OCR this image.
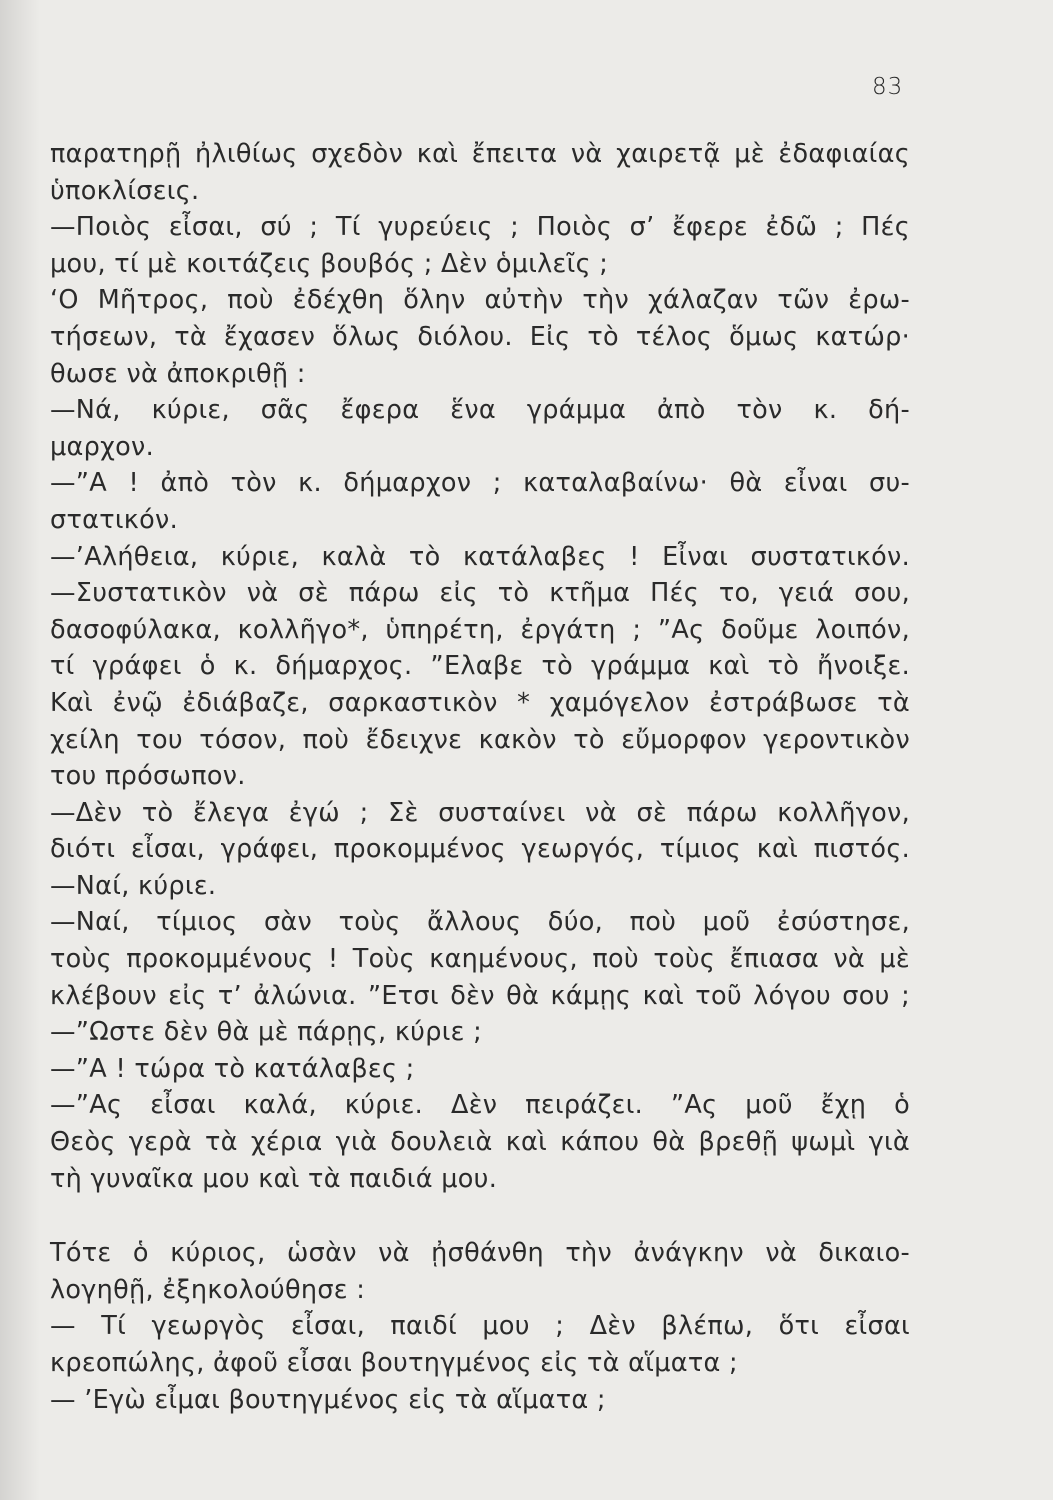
83
παρατηρῇ ἠλιθίως σχεδὸν καὶ ἔπειτα νὰ χαιρετᾷ μὲ ἐδαφιαίας
ὑποκλίσεις.
—Ποιὸς εἶσαι, σύ ; Τί γυρεύεις ; Ποιὸς σ’ ἔφερε ἐδῶ ; Πές
μου, τί μὲ κοιτάζεις βουβός ; Δὲν ὁμιλεῖς ;
‘Ο Μῆτρος, ποὺ ἐδέχθη ὅλην αὐτὴν τὴν χάλαζαν τῶν ἐρω-
τήσεων, τὰ ἔχασεν ὅλως διόλου. Εἰς τὸ τέλος ὅμως κατώρ·
θωσε νὰ ἀποκριθῇ :
—Νά, κύριε, σᾶς ἔφερα ἕνα γράμμα ἀπὸ τὸν κ. δή-
μαρχον.
—”Α ! ἀπὸ τὸν κ. δήμαρχον ; καταλαβαίνω· θὰ εἶναι συ-
στατικόν.
—’Αλήθεια, κύριε, καλὰ τὸ κατάλαβες ! Εἶναι συστατικόν.
—Συστατικὸν νὰ σὲ πάρω εἰς τὸ κτῆμα Πές το, γειά σου,
δασοφύλακα, κολλῆγο*, ὑπηρέτη, ἐργάτη ; ”Ας δοῦμε λοιπόν,
τί γράφει ὁ κ. δήμαρχος. ”Ελαβε τὸ γράμμα καὶ τὸ ἤνοιξε.
Καὶ ἐνῷ ἐδιάβαζε, σαρκαστικὸν * χαμόγελον ἐστράβωσε τὰ
χείλη του τόσον, ποὺ ἔδειχνε κακὸν τὸ εὔμορφον γεροντικὸν
του πρόσωπον.
—Δὲν τὸ ἔλεγα ἐγώ ; Σὲ συσταίνει νὰ σὲ πάρω κολλῆγον,
διότι εἶσαι, γράφει, προκομμένος γεωργός, τίμιος καὶ πιστός.
—Ναί, κύριε.
—Ναί, τίμιος σὰν τοὺς ἄλλους δύο, ποὺ μοῦ ἐσύστησε,
τοὺς προκομμένους ! Τοὺς καημένους, ποὺ τοὺς ἔπιασα νὰ μὲ
κλέβουν εἰς τ’ ἀλώνια. ”Ετσι δὲν θὰ κάμῃς καὶ τοῦ λόγου σου ;
—”Ωστε δὲν θὰ μὲ πάρῃς, κύριε ;
—”Α ! τώρα τὸ κατάλαβες ;
—”Ας εἶσαι καλά, κύριε. Δὲν πειράζει. ”Ας μοῦ ἔχῃ ὁ
Θεὸς γερὰ τὰ χέρια γιὰ δουλειὰ καὶ κάπου θὰ βρεθῇ ψωμὶ γιὰ
τὴ γυναῖκα μου καὶ τὰ παιδιά μου.
Τότε ὁ κύριος, ὡσὰν νὰ ᾐσθάνθη τὴν ἀνάγκην νὰ δικαιο-
λογηθῇ, ἐξηκολούθησε :
— Τί γεωργὸς εἶσαι, παιδί μου ; Δὲν βλέπω, ὅτι εἶσαι
κρεοπώλης, ἀφοῦ εἶσαι βουτηγμένος εἰς τὰ αἵματα ;
— ’Εγὼ εἶμαι βουτηγμένος εἰς τὰ αἵματα ;
